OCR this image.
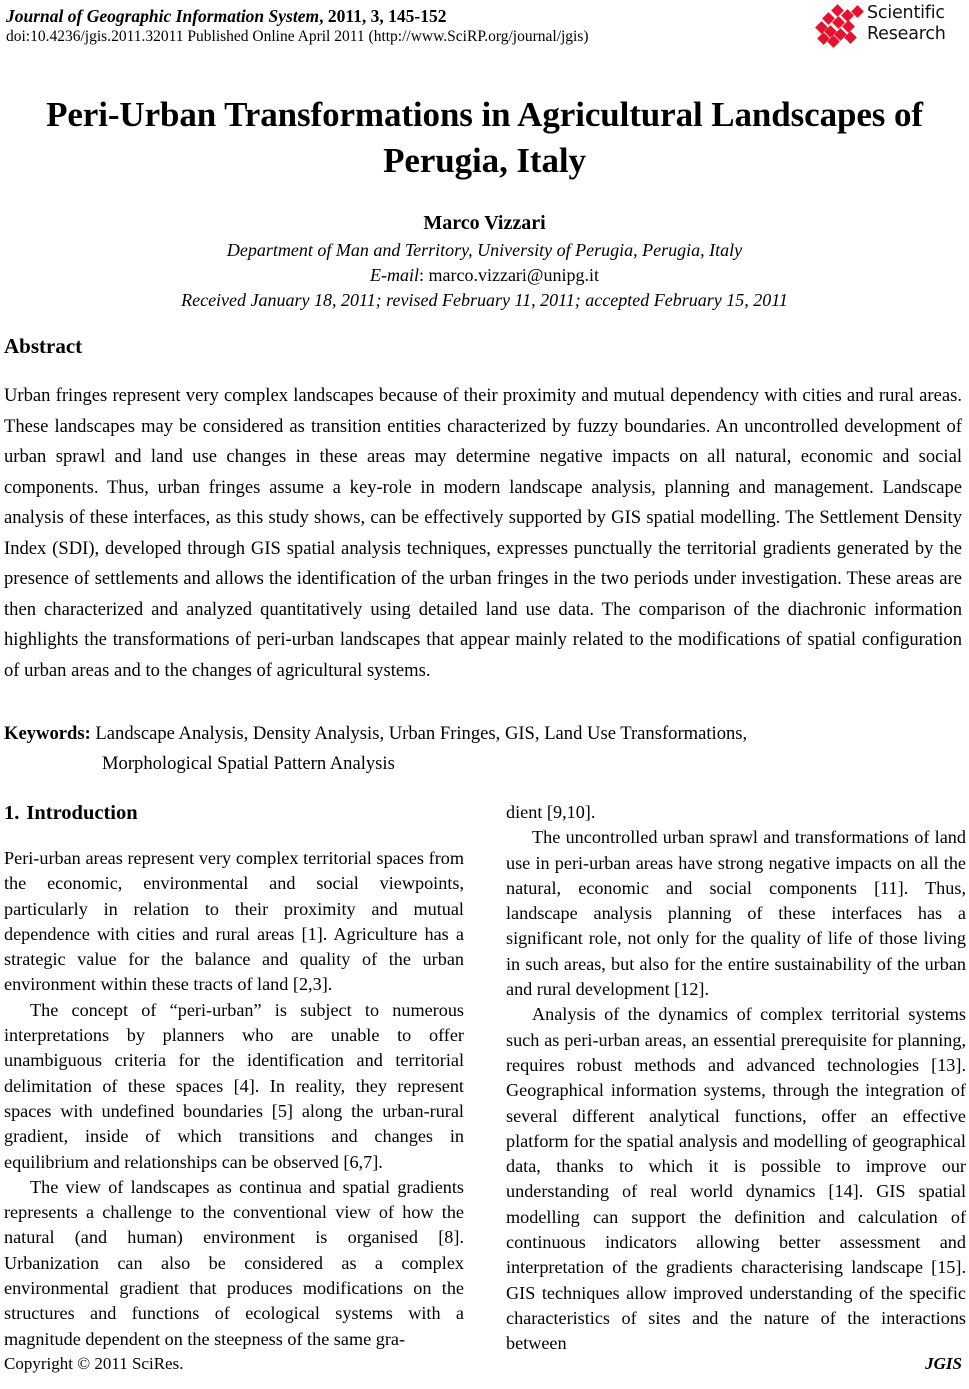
Journal of Geographic Information System, 2011, 3, 145-152
doi:10.4236/jgis.2011.32011 Published Online April 2011 (http://www.SciRP.org/journal/jgis)
Scientific
Research
Peri-Urban Transformations in Agricultural Landscapes of Perugia, Italy
Marco Vizzari
Department of Man and Territory, University of Perugia, Perugia, Italy
E-mail: marco.vizzari@unipg.it
Received January 18, 2011; revised February 11, 2011; accepted February 15, 2011
Abstract
Urban fringes represent very complex landscapes because of their proximity and mutual dependency with cities and rural areas. These landscapes may be considered as transition entities characterized by fuzzy boundaries. An uncontrolled development of urban sprawl and land use changes in these areas may determine negative impacts on all natural, economic and social components. Thus, urban fringes assume a key-role in modern landscape analysis, planning and management. Landscape analysis of these interfaces, as this study shows, can be effectively supported by GIS spatial modelling. The Settlement Density Index (SDI), developed through GIS spatial analysis techniques, expresses punctually the territorial gradients generated by the presence of settlements and allows the identification of the urban fringes in the two periods under investigation. These areas are then characterized and analyzed quantitatively using detailed land use data. The comparison of the diachronic information highlights the transformations of peri-urban landscapes that appear mainly related to the modifications of spatial configuration of urban areas and to the changes of agricultural systems.
Keywords: Landscape Analysis, Density Analysis, Urban Fringes, GIS, Land Use Transformations,
Morphological Spatial Pattern Analysis
1. Introduction

Peri-urban areas represent very complex territorial spaces from the economic, environmental and social viewpoints, particularly in relation to their proximity and mutual dependence with cities and rural areas [1]. Agriculture has a strategic value for the balance and quality of the urban environment within these tracts of land [2,3].

The concept of “peri-urban” is subject to numerous interpretations by planners who are unable to offer unambiguous criteria for the identification and territorial delimitation of these spaces [4]. In reality, they represent spaces with undefined boundaries [5] along the urban-rural gradient, inside of which transitions and changes in equilibrium and relationships can be observed [6,7].

The view of landscapes as continua and spatial gradients represents a challenge to the conventional view of how the natural (and human) environment is organised [8]. Urbanization can also be considered as a complex environmental gradient that produces modifications on the structures and functions of ecological systems with a magnitude dependent on the steepness of the same gra-

dient [9,10].

The uncontrolled urban sprawl and transformations of land use in peri-urban areas have strong negative impacts on all the natural, economic and social components [11]. Thus, landscape analysis planning of these interfaces has a significant role, not only for the quality of life of those living in such areas, but also for the entire sustainability of the urban and rural development [12].

Analysis of the dynamics of complex territorial systems such as peri-urban areas, an essential prerequisite for planning, requires robust methods and advanced technologies [13]. Geographical information systems, through the integration of several different analytical functions, offer an effective platform for the spatial analysis and modelling of geographical data, thanks to which it is possible to improve our understanding of real world dynamics [14]. GIS spatial modelling can support the definition and calculation of continuous indicators allowing better assessment and interpretation of the gradients characterising landscape [15]. GIS techniques allow improved understanding of the specific characteristics of sites and the nature of the interactions between

Copyright © 2011 SciRes.	JGIS
